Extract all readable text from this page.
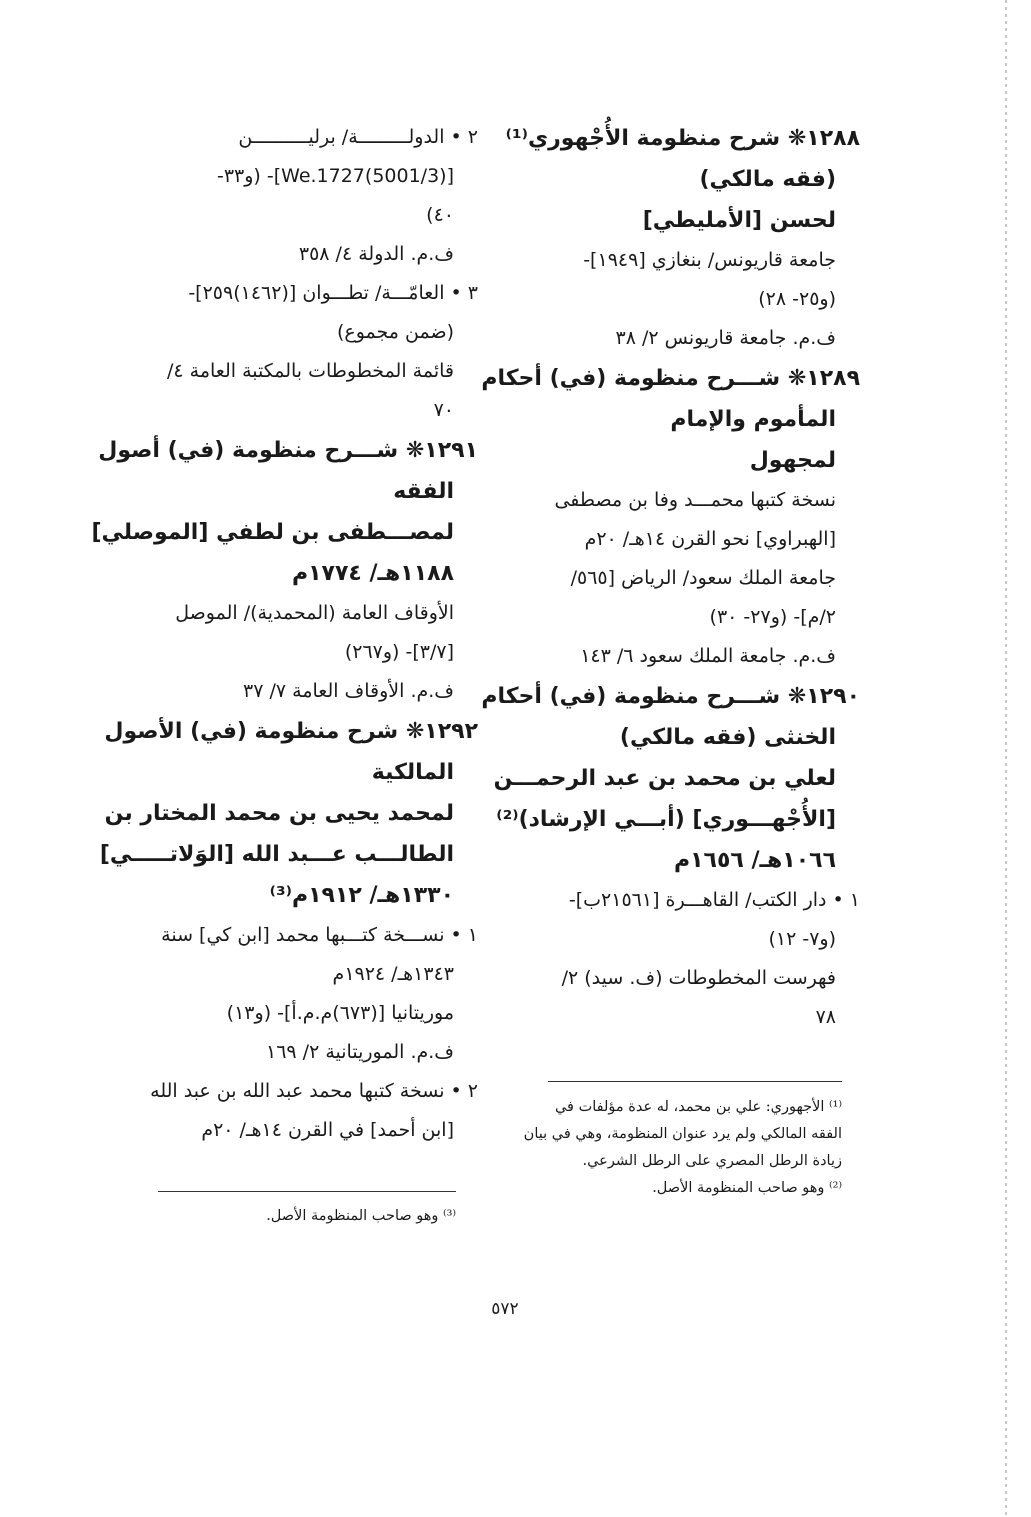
١٢٨٨❋ شرح منظومة الأُجْهوري⁽¹⁾
(فقه مالكي)
لحسن [الأمليطي]
جامعة قاريونس/ بنغازي [١٩٤٩]-
(و٢٥- ٢٨)
ف.م. جامعة قاريونس ٢/ ٣٨
١٢٨٩❋ شـــرح منظومة (في) أحكام
المأموم والإمام
لمجهول
نسخة كتبها محمـــد وفا بن مصطفى
[الهبراوي] نحو القرن ١٤هـ/ ٢٠م
جامعة الملك سعود/ الرياض [٥٦٥/
٢/م]- (و٢٧- ٣٠)
ف.م. جامعة الملك سعود ٦/ ١٤٣
١٢٩٠❋ شـــرح منظومة (في) أحكام
الخنثى (فقه مالكي)
لعلي بن محمد بن عبد الرحمـــن
[الأُجْهـــوري] (أبـــي الإرشاد)⁽²⁾
١٠٦٦هـ/ ١٦٥٦م
١ • دار الكتب/ القاهـــرة [٢١٥٦١ب]-
(و٧- ١٢)
فهرست المخطوطات (ف. سيد) ٢/
٧٨
٢ • الدولـــــــــة/ برليــــــــــن
[(5001/3)We.1727]- (و٣٣-
٤٠)
ف.م. الدولة ٤/ ٣٥٨
٣ • العامّـــة/ تطـــوان [(١٤٦٢)٢٥٩]-
(ضمن مجموع)
قائمة المخطوطات بالمكتبة العامة ٤/
٧٠
١٢٩١❋ شـــرح منظومة (في) أصول
الفقه
لمصـــطفى بن لطفي [الموصلي]
١١٨٨هـ/ ١٧٧٤م
الأوقاف العامة (المحمدية)/ الموصل
[٣/٧]- (و٢٦٧)
ف.م. الأوقاف العامة ٧/ ٣٧
١٢٩٢❋ شرح منظومة (في) الأصول
المالكية
لمحمد يحيى بن محمد المختار بن
الطالـــب عـــبد الله [الوَلاتـــــي]
١٣٣٠هـ/ ١٩١٢م⁽³⁾
١ • نســـخة كتـــبها محمد [ابن كي] سنة
١٣٤٣هـ/ ١٩٢٤م
موريتانيا [(٦٧٣)م.م.أ]- (و١٣)
ف.م. الموريتانية ٢/ ١٦٩
٢ • نسخة كتبها محمد عبد الله بن عبد الله
[ابن أحمد] في القرن ١٤هـ/ ٢٠م
⁽¹⁾ الأجهوري: علي بن محمد، له عدة مؤلفات في
الفقه المالكي ولم يرد عنوان المنظومة، وهي في بيان
زيادة الرطل المصري على الرطل الشرعي.
⁽²⁾ وهو صاحب المنظومة الأصل.
⁽³⁾ وهو صاحب المنظومة الأصل.
٥٧٢
